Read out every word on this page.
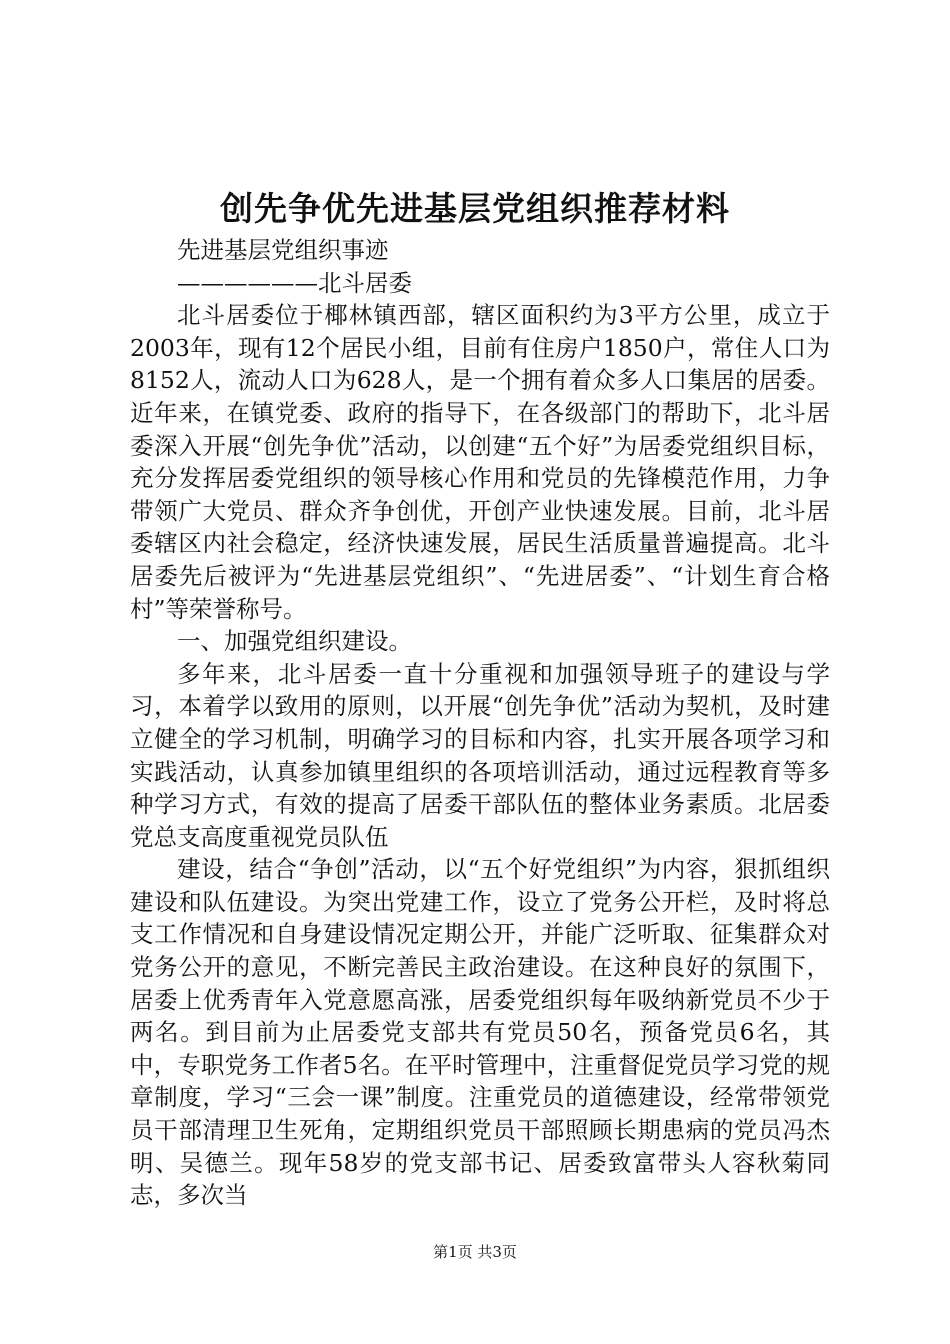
创先争优先进基层党组织推荐材料

先进基层党组织事迹

——————北斗居委

北斗居委位于椰林镇西部，辖区面积约为3平方公里，成立于2003年，现有12个居民小组，目前有住房户1850户，常住人口为8152人，流动人口为628人，是一个拥有着众多人口集居的居委。近年来，在镇党委、政府的指导下，在各级部门的帮助下，北斗居委深入开展“创先争优”活动，以创建“五个好”为居委党组织目标，充分发挥居委党组织的领导核心作用和党员的先锋模范作用，力争带领广大党员、群众齐争创优，开创产业快速发展。目前，北斗居委辖区内社会稳定，经济快速发展，居民生活质量普遍提高。北斗居委先后被评为“先进基层党组织”、“先进居委”、“计划生育合格村”等荣誉称号。

一、加强党组织建设。

多年来，北斗居委一直十分重视和加强领导班子的建设与学习，本着学以致用的原则，以开展“创先争优”活动为契机，及时建立健全的学习机制，明确学习的目标和内容，扎实开展各项学习和实践活动，认真参加镇里组织的各项培训活动，通过远程教育等多种学习方式，有效的提高了居委干部队伍的整体业务素质。北居委党总支高度重视党员队伍

建设，结合“争创”活动，以“五个好党组织”为内容，狠抓组织建设和队伍建设。为突出党建工作，设立了党务公开栏，及时将总支工作情况和自身建设情况定期公开，并能广泛听取、征集群众对党务公开的意见，不断完善民主政治建设。在这种良好的氛围下，居委上优秀青年入党意愿高涨，居委党组织每年吸纳新党员不少于两名。到目前为止居委党支部共有党员50名，预备党员6名，其中，专职党务工作者5名。在平时管理中，注重督促党员学习党的规章制度，学习“三会一课”制度。注重党员的道德建设，经常带领党员干部清理卫生死角，定期组织党员干部照顾长期患病的党员冯杰明、吴德兰。现年58岁的党支部书记、居委致富带头人容秋菊同志，多次当

第1页 共3页
